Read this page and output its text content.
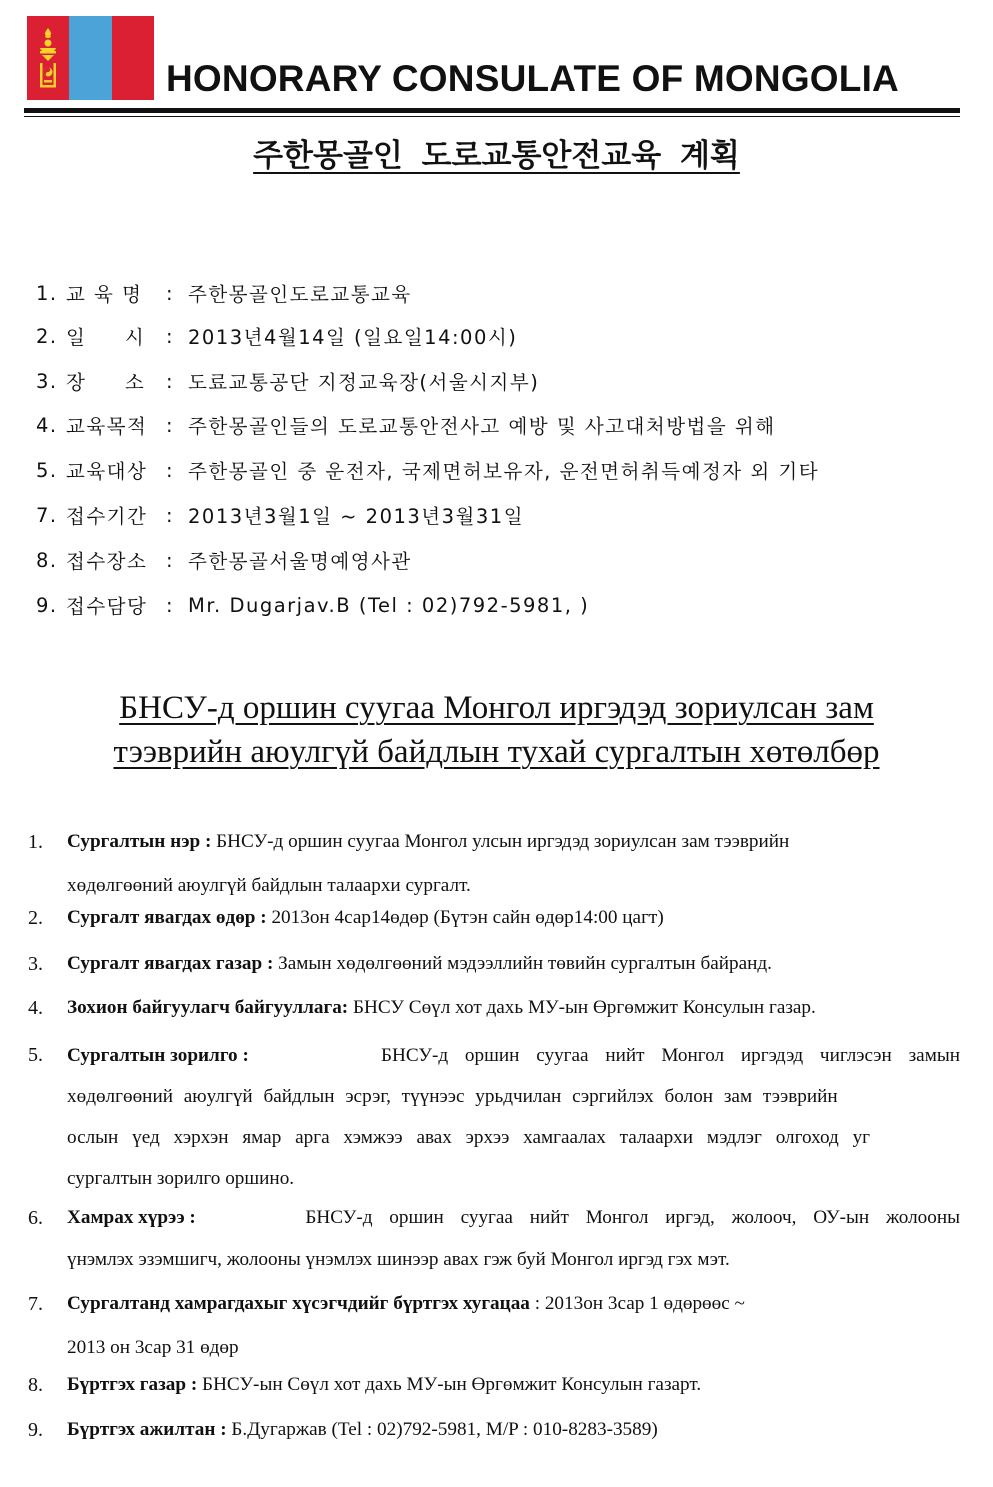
HONORARY CONSULATE OF MONGOLIA
주한몽골인 도로교통안전교육 계획
1. 교 육 명	: 주한몽골인도로교통교육
2. 일     시	: 2013년4월14일 (일요일14:00시)
3. 장     소	: 도료교통공단 지정교육장(서울시지부)
4. 교육목적 : 주한몽골인들의 도로교통안전사고 예방 및 사고대처방법을 위해
5. 교육대상 : 주한몽골인 중 운전자, 국제면허보유자, 운전면허취득예정자 외 기타
7. 접수기간 : 2013년3월1일 ~ 2013년3월31일
8. 접수장소 : 주한몽골서울명예영사관
9. 접수담당 : Mr. Dugarjav.B (Tel : 02)792-5981, )
БНСУ-д оршин суугаа Монгол иргэдэд зориулсан зам
тээврийн аюулгүй байдлын тухай сургалтын хөтөлбөр
1.	Сургалтын нэр : БНСУ-д оршин суугаа Монгол улсын иргэдэд зориулсан зам тээврийн
хөдөлгөөний аюулгүй байдлын талаархи сургалт.
2.	Сургалт явагдах өдөр : 2013он 4сар14өдөр (Бүтэн сайн өдөр14:00 цагт)
3.	Сургалт явагдах газар : Замын хөдөлгөөний мэдээллийн төвийн сургалтын байранд.
4.	Зохион байгуулагч байгууллага: БНСУ Сөүл хот дахь МУ-ын Өргөмжит Консулын газар.
5.	Сургалтын зорилго :	БНСУ-д оршин суугаа нийт Монгол иргэдэд чиглэсэн замын
хөдөлгөөний аюулгүй байдлын эсрэг, түүнээс урьдчилан сэргийлэх болон зам тээврийн
ослын үед хэрхэн ямар арга хэмжээ авах эрхээ хамгаалах талаархи мэдлэг олгоход уг
сургалтын зорилго оршино.
6.	Хамрах хүрээ :	БНСУ-д оршин суугаа нийт Монгол иргэд, жолооч, ОУ-ын жолооны
үнэмлэх эзэмшигч, жолооны үнэмлэх шинээр авах гэж буй Монгол иргэд гэх мэт.
7.	Сургалтанд хамрагдахыг хүсэгчдийг бүртгэх хугацаа : 2013он 3сар 1 өдөрөөс ~
2013 он 3сар 31 өдөр
8.	Бүртгэх газар : БНСУ-ын Сөүл хот дахь МУ-ын Өргөмжит Консулын газарт.
9.	Бүртгэх ажилтан : Б.Дугаржав (Tel : 02)792-5981, M/P : 010-8283-3589)
